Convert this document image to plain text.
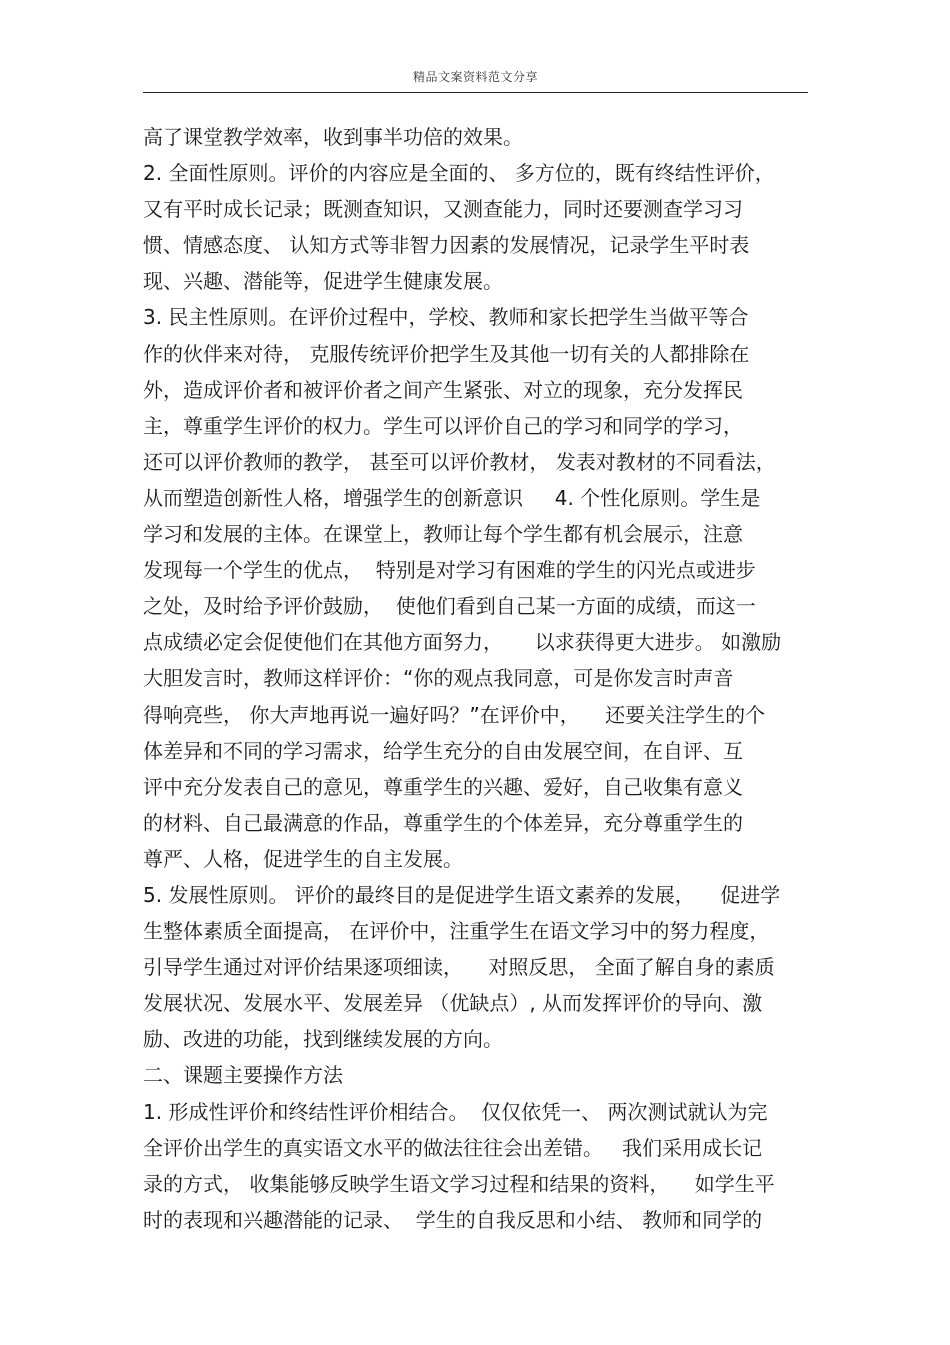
精品文案资料范文分享
高了课堂教学效率，收到事半功倍的效果。
2. 全面性原则。评价的内容应是全面的、 多方位的，既有终结性评价，
又有平时成长记录；既测查知识，又测查能力，同时还要测查学习习
惯、情感态度、 认知方式等非智力因素的发展情况，记录学生平时表
现、兴趣、潜能等，促进学生健康发展。
3. 民主性原则。在评价过程中，学校、教师和家长把学生当做平等合
作的伙伴来对待， 克服传统评价把学生及其他一切有关的人都排除在
外，造成评价者和被评价者之间产生紧张、对立的现象，充分发挥民
主，尊重学生评价的权力。学生可以评价自己的学习和同学的学习，
还可以评价教师的教学， 甚至可以评价教材， 发表对教材的不同看法，
从而塑造创新性人格，增强学生的创新意识     4. 个性化原则。学生是
学习和发展的主体。在课堂上，教师让每个学生都有机会展示，注意
发现每一个学生的优点，  特别是对学习有困难的学生的闪光点或进步
之处，及时给予评价鼓励，  使他们看到自己某一方面的成绩，而这一
点成绩必定会促使他们在其他方面努力，     以求获得更大进步。 如激励
大胆发言时，教师这样评价：“你的观点我同意，可是你发言时声音
得响亮些， 你大声地再说一遍好吗？”在评价中，    还要关注学生的个
体差异和不同的学习需求，给学生充分的自由发展空间，在自评、互
评中充分发表自己的意见，尊重学生的兴趣、爱好，自己收集有意义
的材料、自己最满意的作品，尊重学生的个体差异，充分尊重学生的
尊严、人格，促进学生的自主发展。
5. 发展性原则。 评价的最终目的是促进学生语文素养的发展，    促进学
生整体素质全面提高， 在评价中，注重学生在语文学习中的努力程度，
引导学生通过对评价结果逐项细读，    对照反思， 全面了解自身的素质
发展状况、发展水平、发展差异 （优缺点）, 从而发挥评价的导向、激
励、改进的功能，找到继续发展的方向。
二、课题主要操作方法
1. 形成性评价和终结性评价相结合。  仅仅依凭一、 两次测试就认为完
全评价出学生的真实语文水平的做法往往会出差错。   我们采用成长记
录的方式， 收集能够反映学生语文学习过程和结果的资料，    如学生平
时的表现和兴趣潜能的记录、  学生的自我反思和小结、 教师和同学的
